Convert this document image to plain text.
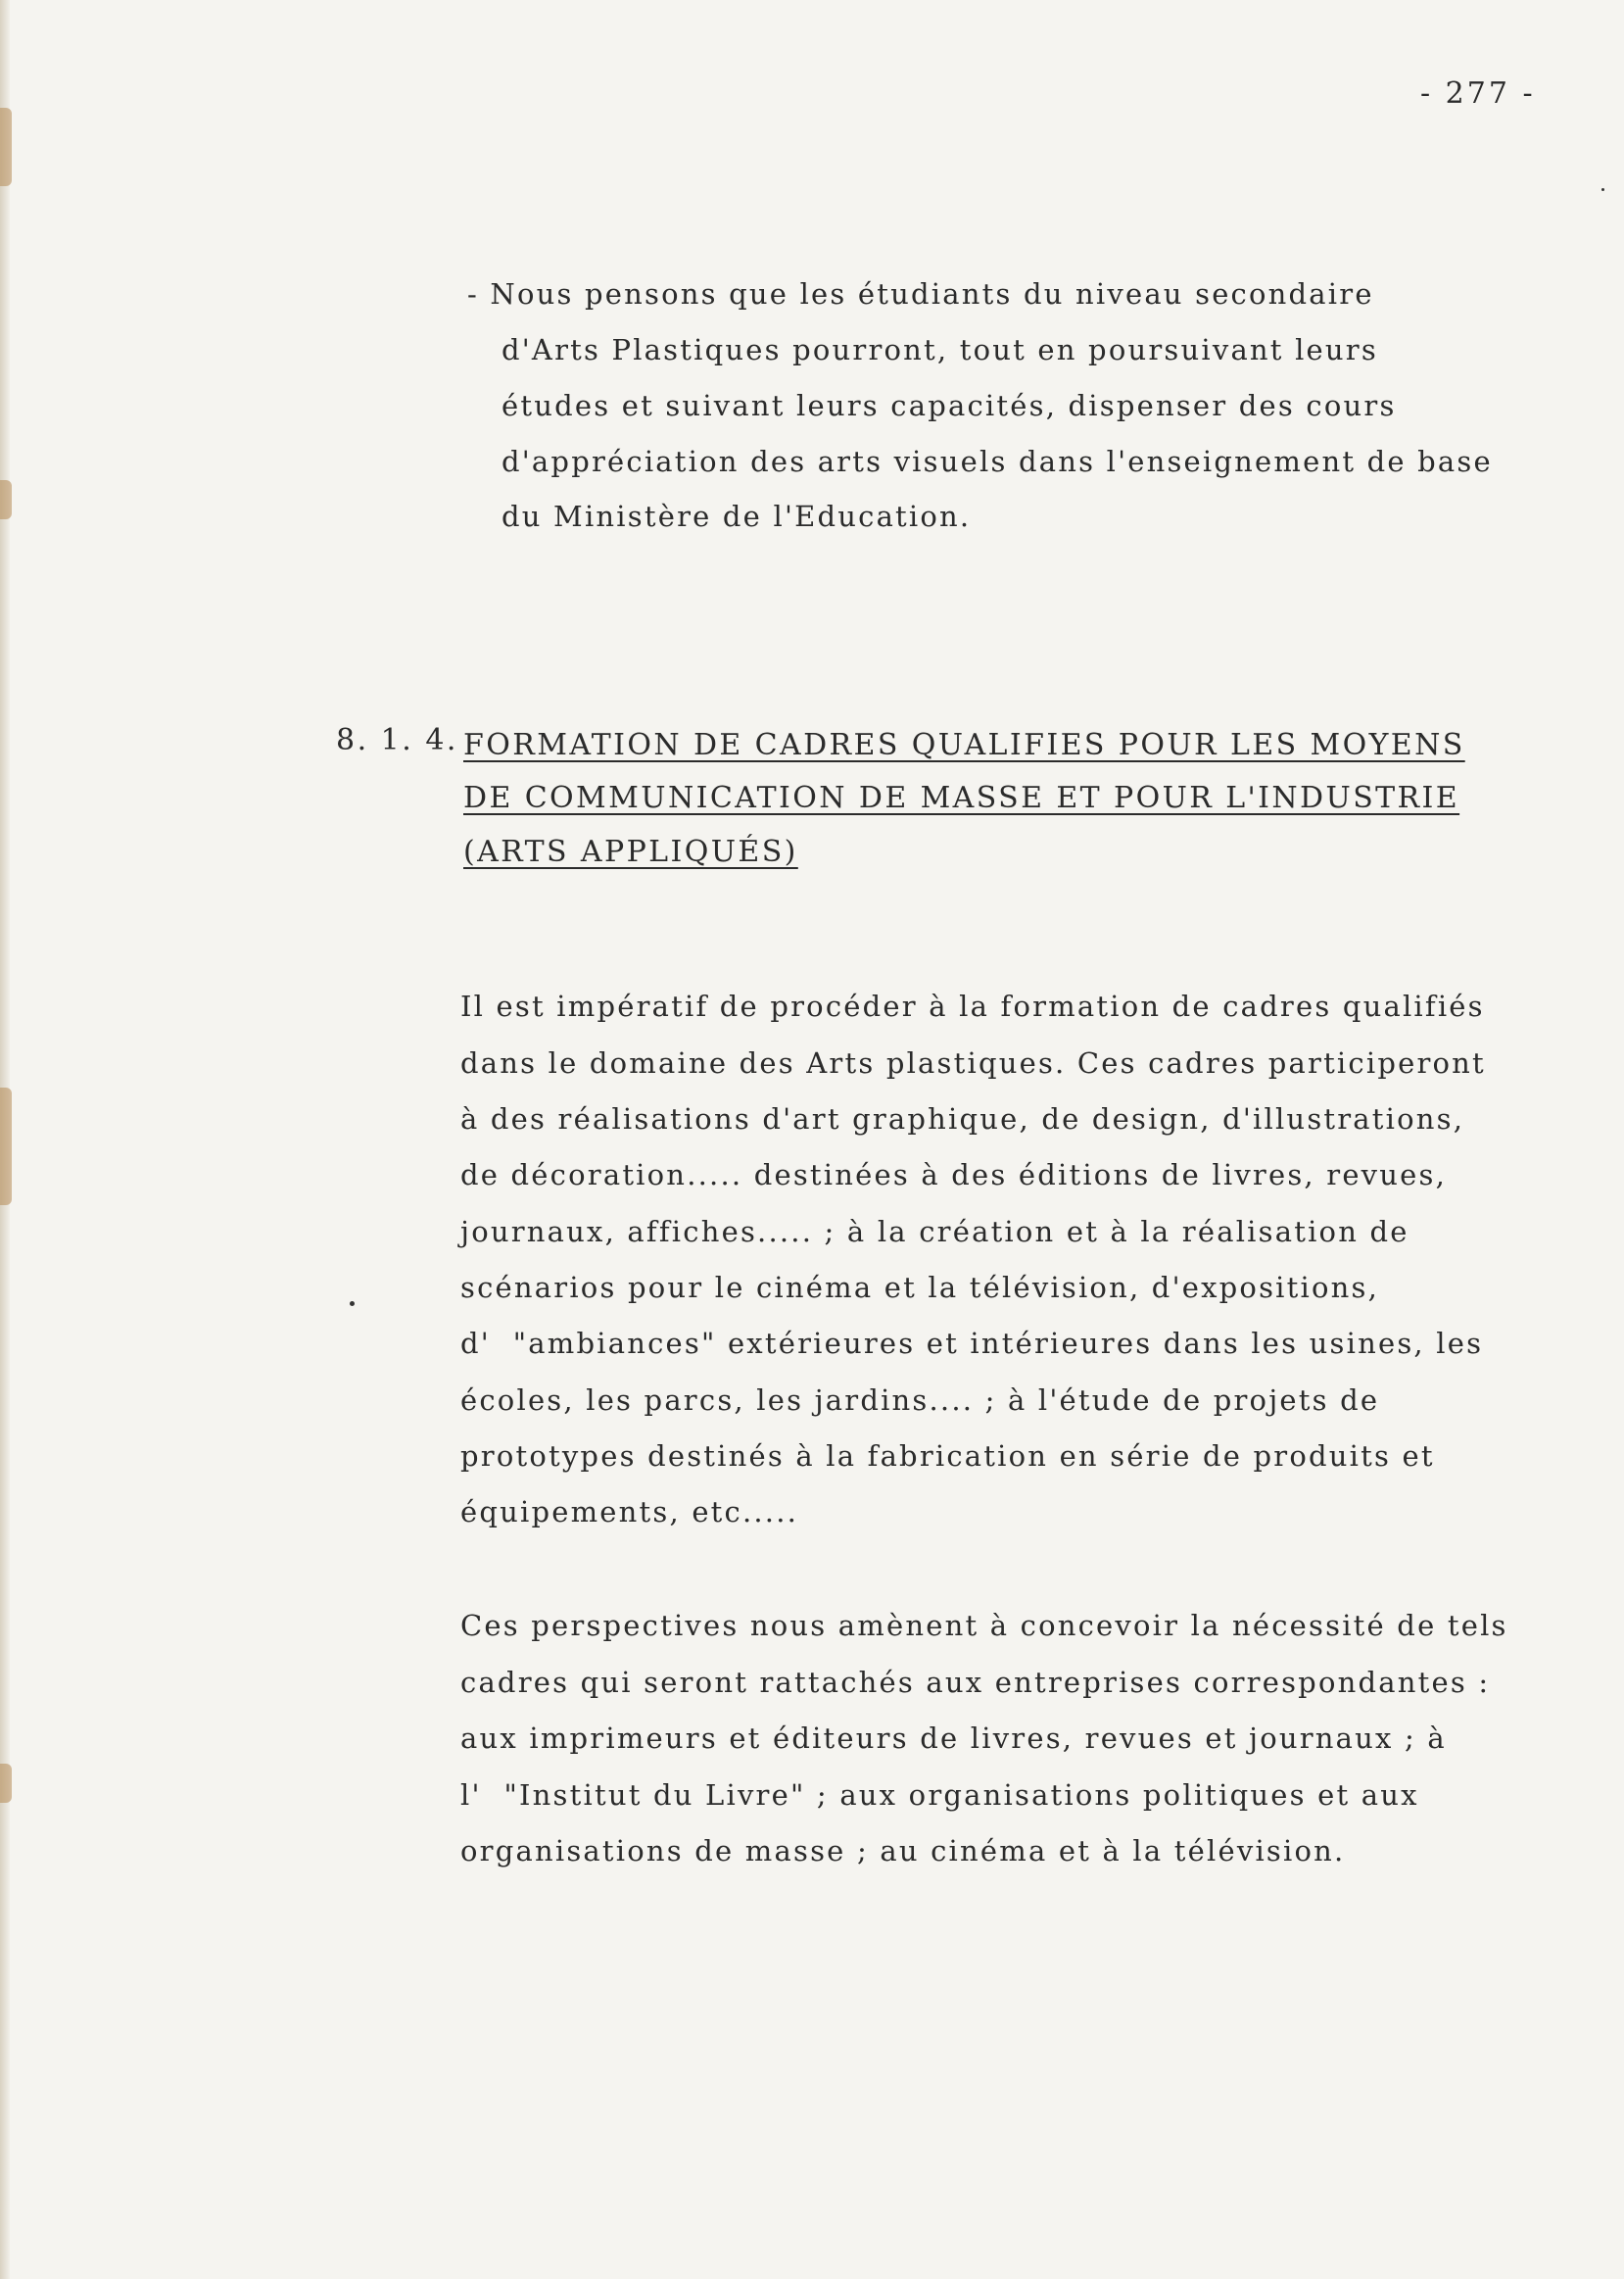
- 277 -
- Nous pensons que les étudiants du niveau secondaire
d'Arts Plastiques pourront, tout en poursuivant leurs
études et suivant leurs capacités, dispenser des cours
d'appréciation des arts visuels dans l'enseignement de base
du Ministère de l'Education.
8. 1. 4. FORMATION DE CADRES QUALIFIES POUR LES MOYENS
DE COMMUNICATION DE MASSE ET POUR L'INDUSTRIE
(ARTS APPLIQUÉS)
Il est impératif de procéder à la formation de cadres qualifiés
dans le domaine des Arts plastiques. Ces cadres participeront
à des réalisations d'art graphique, de design, d'illustrations,
de décoration..... destinées à des éditions de livres, revues,
journaux, affiches..... ; à la création et à la réalisation de
scénarios pour le cinéma et la télévision, d'expositions,
d'  "ambiances" extérieures et intérieures dans les usines, les
écoles, les parcs, les jardins.... ; à l'étude de projets de
prototypes destinés à la fabrication en série de produits et
équipements, etc.....
Ces perspectives nous amènent à concevoir la nécessité de tels
cadres qui seront rattachés aux entreprises correspondantes :
aux imprimeurs et éditeurs de livres, revues et journaux ; à
l'  "Institut du Livre" ; aux organisations politiques et aux
organisations de masse ; au cinéma et à la télévision.
